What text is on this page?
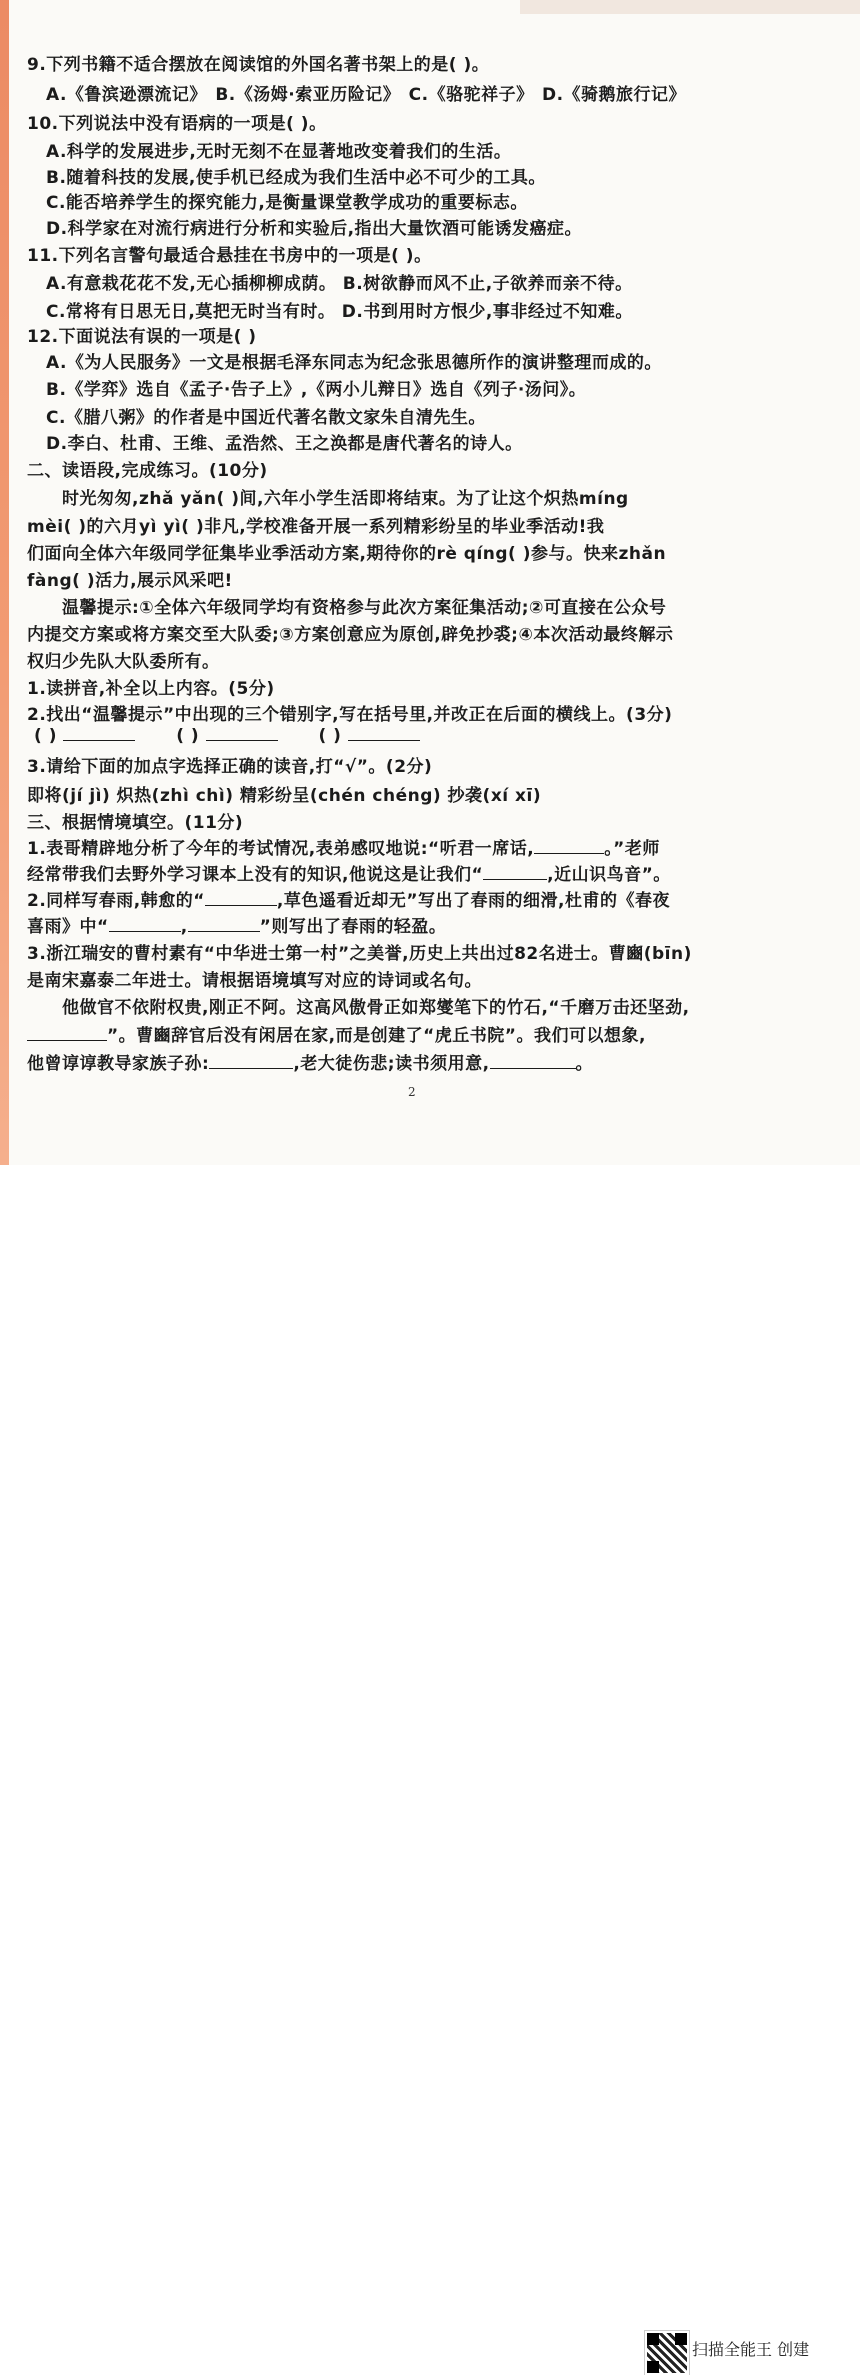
9.下列书籍不适合摆放在阅读馆的外国名著书架上的是( )。
A.《鲁滨逊漂流记》 B.《汤姆·索亚历险记》 C.《骆驼祥子》 D.《骑鹅旅行记》
10.下列说法中没有语病的一项是( )。
A.科学的发展进步,无时无刻不在显著地改变着我们的生活。
B.随着科技的发展,使手机已经成为我们生活中必不可少的工具。
C.能否培养学生的探究能力,是衡量课堂教学成功的重要标志。
D.科学家在对流行病进行分析和实验后,指出大量饮酒可能诱发癌症。
11.下列名言警句最适合悬挂在书房中的一项是( )。
A.有意栽花花不发,无心插柳柳成荫。 B.树欲静而风不止,子欲养而亲不待。
C.常将有日思无日,莫把无时当有时。 D.书到用时方恨少,事非经过不知难。
12.下面说法有误的一项是( )
A.《为人民服务》一文是根据毛泽东同志为纪念张思德所作的演讲整理而成的。
B.《学弈》选自《孟子·告子上》,《两小儿辩日》选自《列子·汤问》。
C.《腊八粥》的作者是中国近代著名散文家朱自清先生。
D.李白、杜甫、王维、孟浩然、王之涣都是唐代著名的诗人。
二、读语段,完成练习。(10分)
时光匆匆,zhǎ yǎn( )间,六年小学生活即将结束。为了让这个炽热míng
mèi( )的六月yì yì( )非凡,学校准备开展一系列精彩纷呈的毕业季活动!我
们面向全体六年级同学征集毕业季活动方案,期待你的rè qíng( )参与。快来zhǎn
fàng( )活力,展示风采吧!
温馨提示:①全体六年级同学均有资格参与此次方案征集活动;②可直接在公众号
内提交方案或将方案交至大队委;③方案创意应为原创,辟免抄裘;④本次活动最终解示
权归少先队大队委所有。
1.读拼音,补全以上内容。(5分)
2.找出“温馨提示”中出现的三个错别字,写在括号里,并改正在后面的横线上。(3分)
( )	( )	( )
3.请给下面的加点字选择正确的读音,打“√”。(2分)
即将(jí jì) 炽热(zhì chì) 精彩纷呈(chén chéng) 抄袭(xí xī)
三、根据情境填空。(11分)
1.表哥精辟地分析了今年的考试情况,表弟感叹地说:“听君一席话,	。”老师
经常带我们去野外学习课本上没有的知识,他说这是让我们“	,近山识鸟音”。
2.同样写春雨,韩愈的“	,草色遥看近却无”写出了春雨的细滑,杜甫的《春夜
喜雨》中“	,	”则写出了春雨的轻盈。
3.浙江瑞安的曹村素有“中华进士第一村”之美誉,历史上共出过82名进士。曹豳(bīn)
是南宋嘉泰二年进士。请根据语境填写对应的诗词或名句。
他做官不依附权贵,刚正不阿。这高风傲骨正如郑燮笔下的竹石,“千磨万击还坚劲,
”。曹豳辞官后没有闲居在家,而是创建了“虎丘书院”。我们可以想象,
他曾谆谆教导家族子孙:	,老大徒伤悲;读书须用意,	。
2
扫描全能王 创建
